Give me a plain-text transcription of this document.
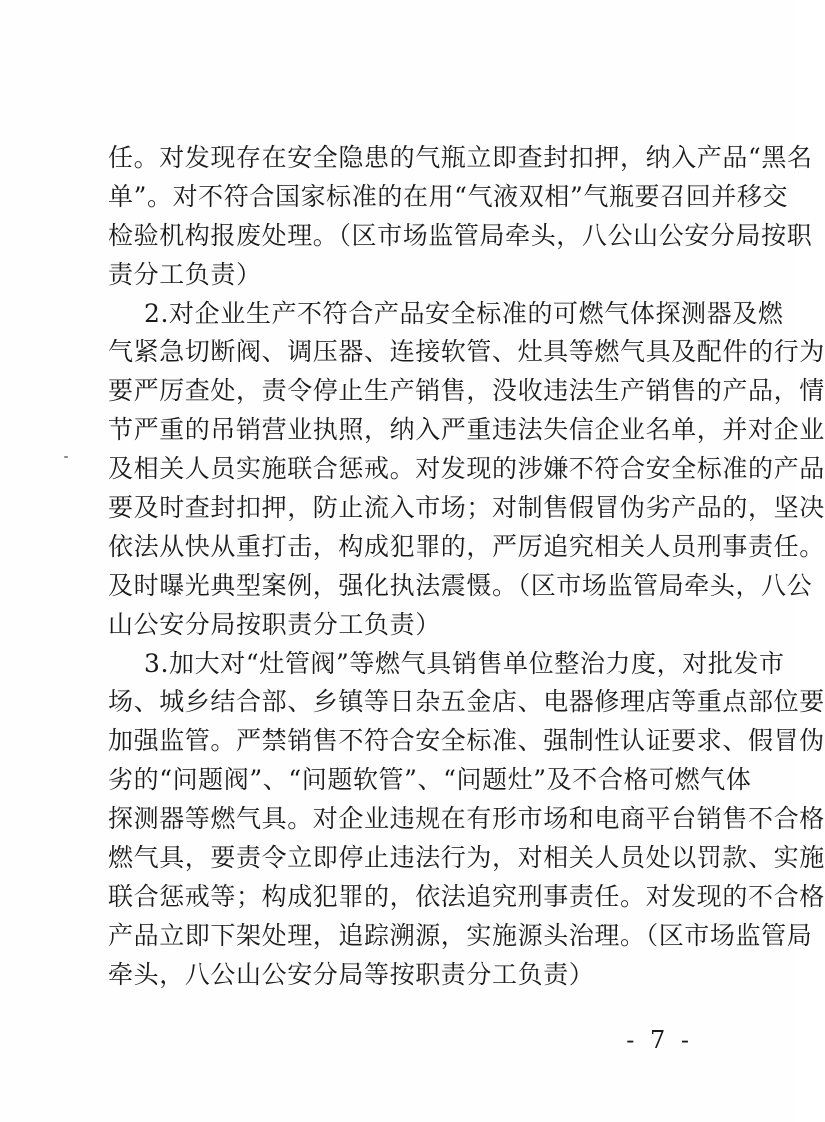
任。对发现存在安全隐患的气瓶立即查封扣押，纳入产品“黑名
单”。对不符合国家标准的在用“气液双相”气瓶要召回并移交
检验机构报废处理。（区市场监管局牵头，八公山公安分局按职
责分工负责）
2.对企业生产不符合产品安全标准的可燃气体探测器及燃
气紧急切断阀、调压器、连接软管、灶具等燃气具及配件的行为
要严厉查处，责令停止生产销售，没收违法生产销售的产品，情
节严重的吊销营业执照，纳入严重违法失信企业名单，并对企业
及相关人员实施联合惩戒。对发现的涉嫌不符合安全标准的产品
要及时查封扣押，防止流入市场；对制售假冒伪劣产品的，坚决
依法从快从重打击，构成犯罪的，严厉追究相关人员刑事责任。
及时曝光典型案例，强化执法震慑。（区市场监管局牵头，八公
山公安分局按职责分工负责）
3.加大对“灶管阀”等燃气具销售单位整治力度，对批发市
场、城乡结合部、乡镇等日杂五金店、电器修理店等重点部位要
加强监管。严禁销售不符合安全标准、强制性认证要求、假冒伪
劣的“问题阀”、“问题软管”、“问题灶”及不合格可燃气体
探测器等燃气具。对企业违规在有形市场和电商平台销售不合格
燃气具，要责令立即停止违法行为，对相关人员处以罚款、实施
联合惩戒等；构成犯罪的，依法追究刑事责任。对发现的不合格
产品立即下架处理，追踪溯源，实施源头治理。（区市场监管局
牵头，八公山公安分局等按职责分工负责）
- 7 -
